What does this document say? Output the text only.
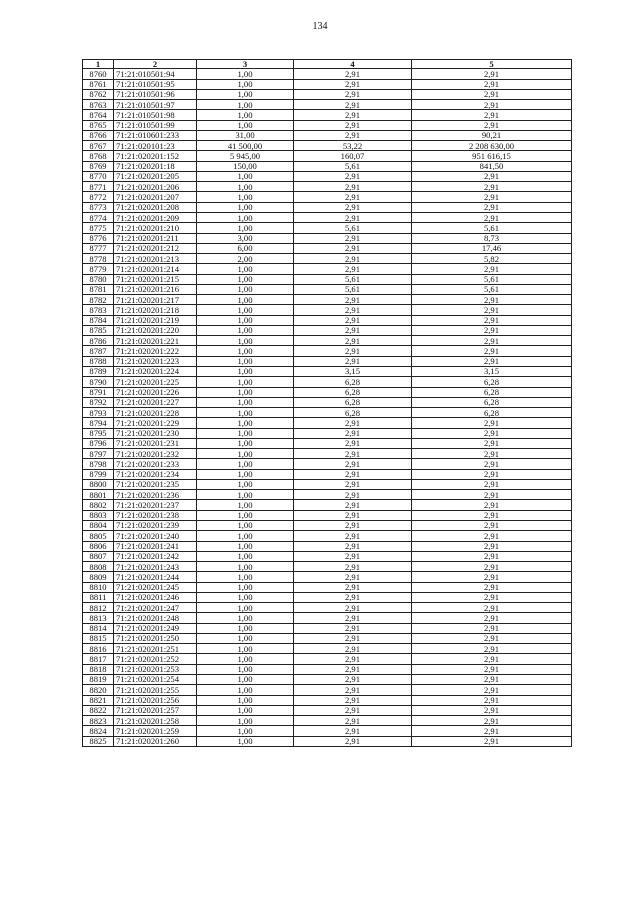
134
1	2	3	4	5
8760	71:21:010501:94	1,00	2,91	2,91
8761	71:21:010501:95	1,00	2,91	2,91
8762	71:21:010501:96	1,00	2,91	2,91
8763	71:21:010501:97	1,00	2,91	2,91
8764	71:21:010501:98	1,00	2,91	2,91
8765	71:21:010501:99	1,00	2,91	2,91
8766	71:21:010601:233	31,00	2,91	90,21
8767	71:21:020101:23	41 500,00	53,22	2 208 630,00
8768	71:21:020201:152	5 945,00	160,07	951 616,15
8769	71:21:020201:18	150,00	5,61	841,50
8770	71:21:020201:205	1,00	2,91	2,91
8771	71:21:020201:206	1,00	2,91	2,91
8772	71:21:020201:207	1,00	2,91	2,91
8773	71:21:020201:208	1,00	2,91	2,91
8774	71:21:020201:209	1,00	2,91	2,91
8775	71:21:020201:210	1,00	5,61	5,61
8776	71:21:020201:211	3,00	2,91	8,73
8777	71:21:020201:212	6,00	2,91	17,46
8778	71:21:020201:213	2,00	2,91	5,82
8779	71:21:020201:214	1,00	2,91	2,91
8780	71:21:020201:215	1,00	5,61	5,61
8781	71:21:020201:216	1,00	5,61	5,61
8782	71:21:020201:217	1,00	2,91	2,91
8783	71:21:020201:218	1,00	2,91	2,91
8784	71:21:020201:219	1,00	2,91	2,91
8785	71:21:020201:220	1,00	2,91	2,91
8786	71:21:020201:221	1,00	2,91	2,91
8787	71:21:020201:222	1,00	2,91	2,91
8788	71:21:020201:223	1,00	2,91	2,91
8789	71:21:020201:224	1,00	3,15	3,15
8790	71:21:020201:225	1,00	6,28	6,28
8791	71:21:020201:226	1,00	6,28	6,28
8792	71:21:020201:227	1,00	6,28	6,28
8793	71:21:020201:228	1,00	6,28	6,28
8794	71:21:020201:229	1,00	2,91	2,91
8795	71:21:020201:230	1,00	2,91	2,91
8796	71:21:020201:231	1,00	2,91	2,91
8797	71:21:020201:232	1,00	2,91	2,91
8798	71:21:020201:233	1,00	2,91	2,91
8799	71:21:020201:234	1,00	2,91	2,91
8800	71:21:020201:235	1,00	2,91	2,91
8801	71:21:020201:236	1,00	2,91	2,91
8802	71:21:020201:237	1,00	2,91	2,91
8803	71:21:020201:238	1,00	2,91	2,91
8804	71:21:020201:239	1,00	2,91	2,91
8805	71:21:020201:240	1,00	2,91	2,91
8806	71:21:020201:241	1,00	2,91	2,91
8807	71:21:020201:242	1,00	2,91	2,91
8808	71:21:020201:243	1,00	2,91	2,91
8809	71:21:020201:244	1,00	2,91	2,91
8810	71:21:020201:245	1,00	2,91	2,91
8811	71:21:020201:246	1,00	2,91	2,91
8812	71:21:020201:247	1,00	2,91	2,91
8813	71:21:020201:248	1,00	2,91	2,91
8814	71:21:020201:249	1,00	2,91	2,91
8815	71:21:020201:250	1,00	2,91	2,91
8816	71:21:020201:251	1,00	2,91	2,91
8817	71:21:020201:252	1,00	2,91	2,91
8818	71:21:020201:253	1,00	2,91	2,91
8819	71:21:020201:254	1,00	2,91	2,91
8820	71:21:020201:255	1,00	2,91	2,91
8821	71:21:020201:256	1,00	2,91	2,91
8822	71:21:020201:257	1,00	2,91	2,91
8823	71:21:020201:258	1,00	2,91	2,91
8824	71:21:020201:259	1,00	2,91	2,91
8825	71:21:020201:260	1,00	2,91	2,91
